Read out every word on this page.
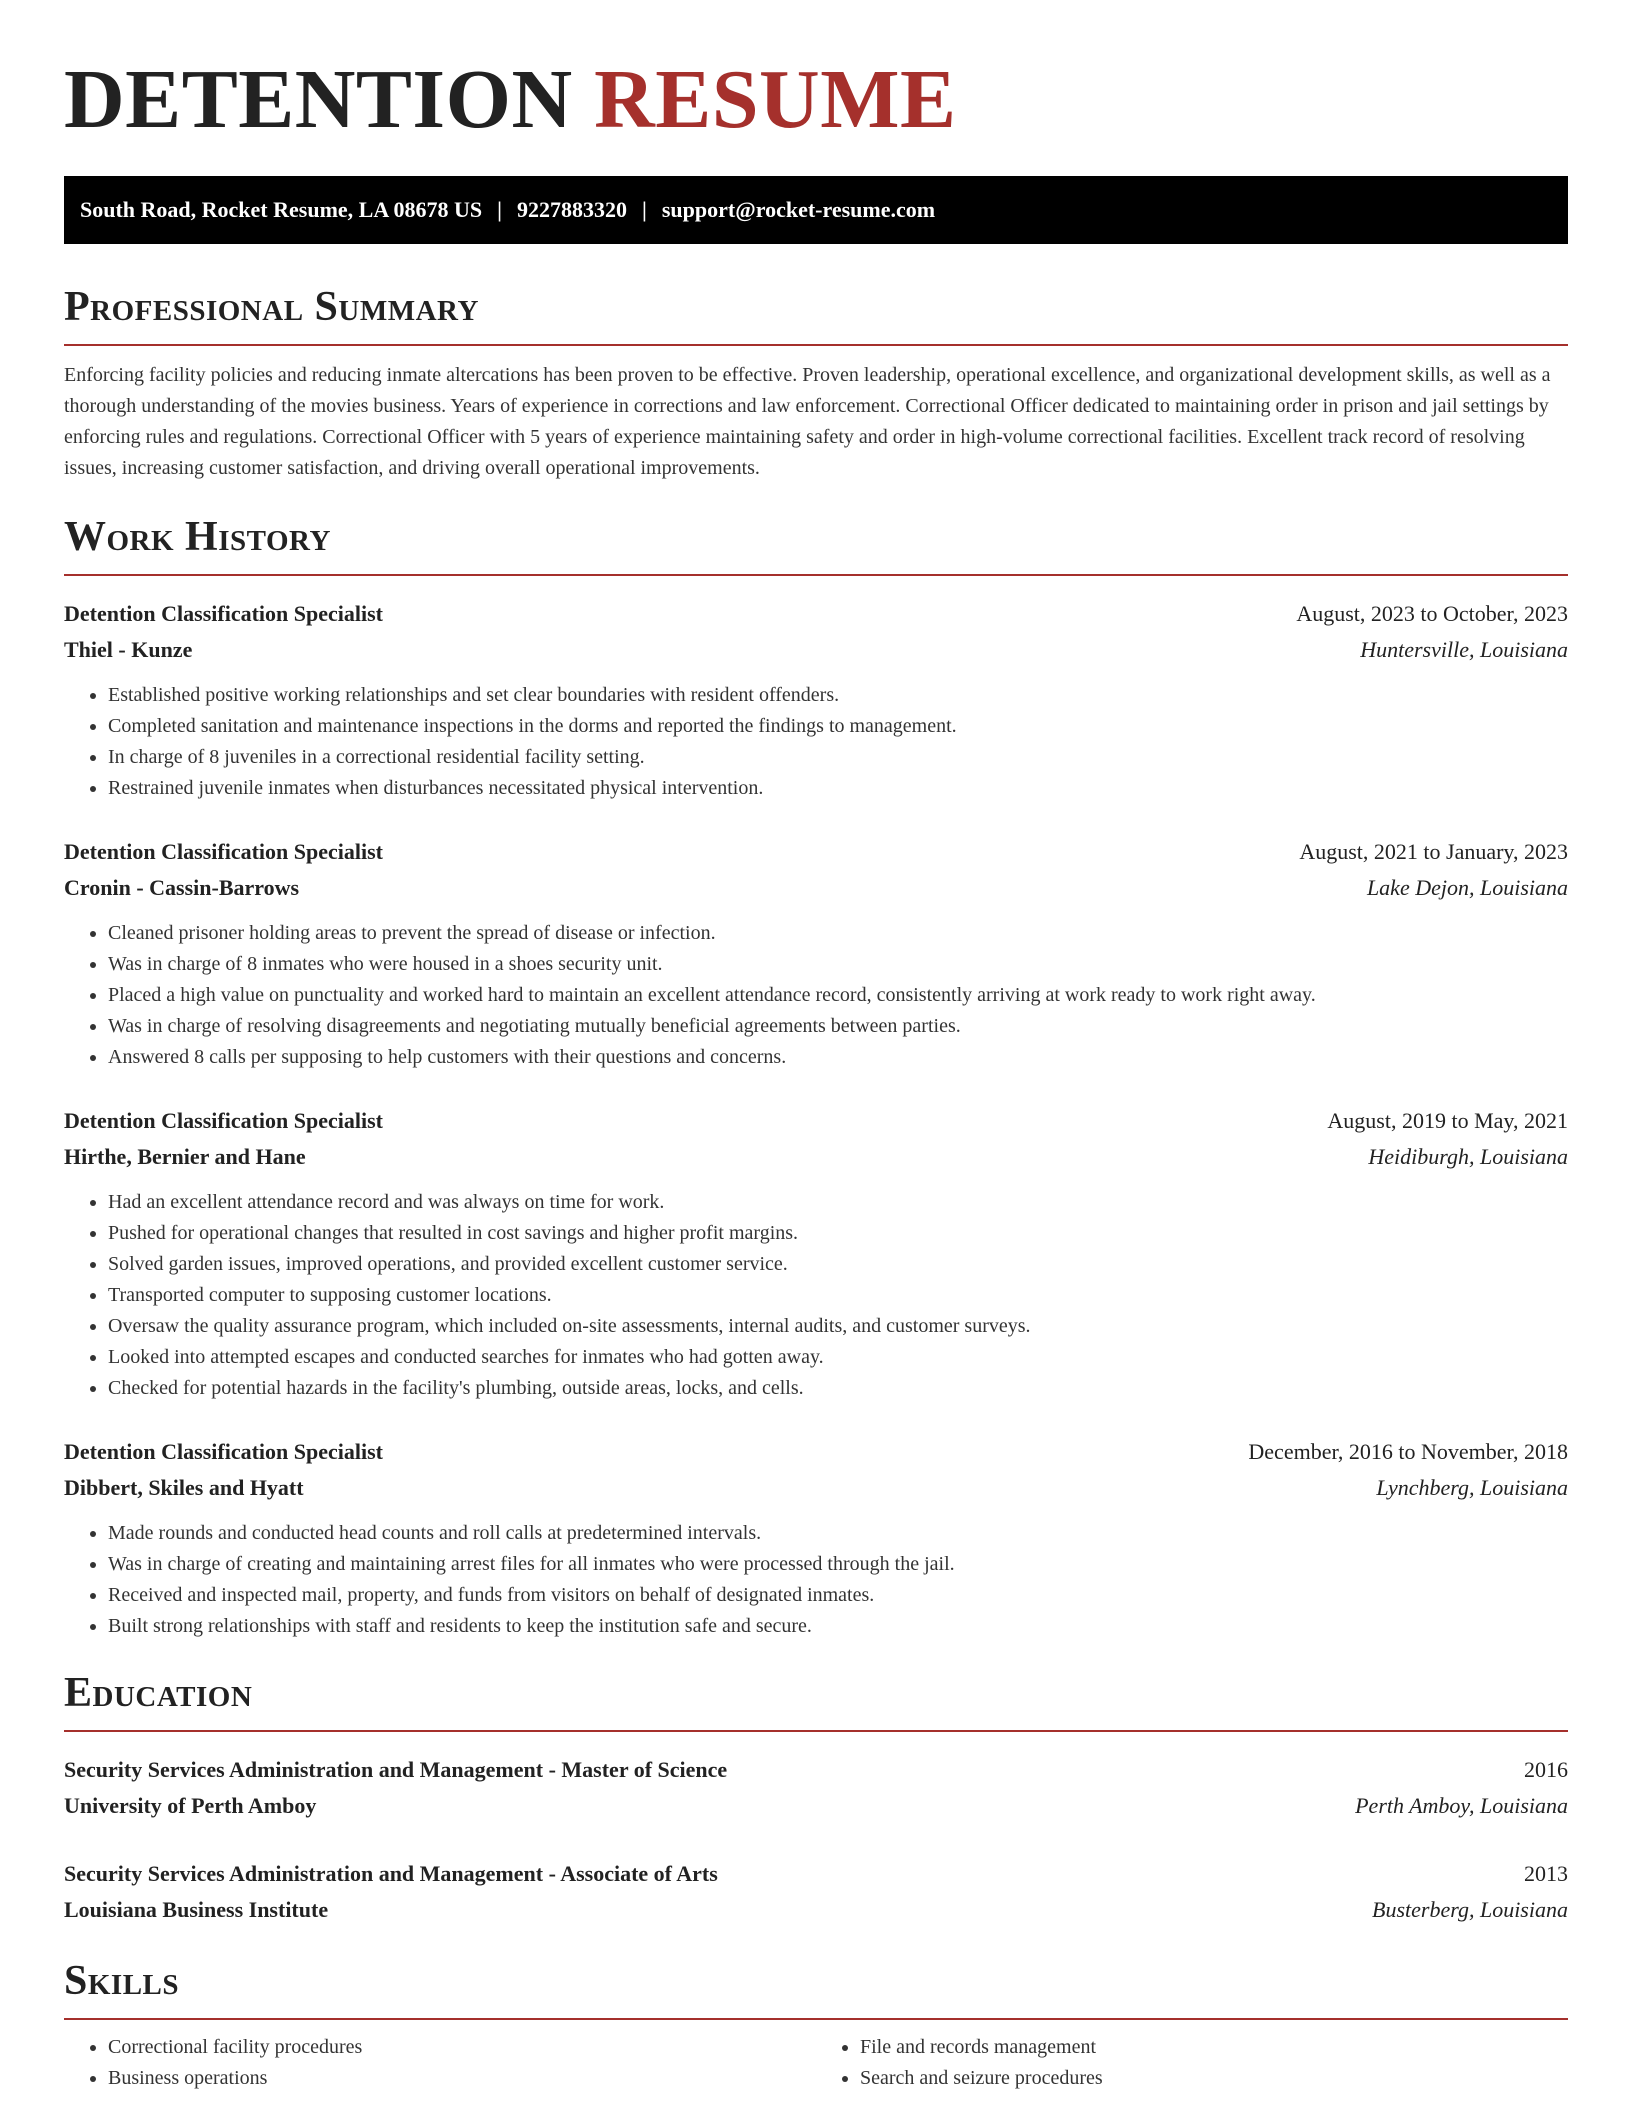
DETENTION RESUME
South Road, Rocket Resume, LA 08678 US | 9227883320 | support@rocket-resume.com
Professional Summary

Enforcing facility policies and reducing inmate altercations has been proven to be effective. Proven leadership, operational excellence, and organizational development skills, as well as a thorough understanding of the movies business. Years of experience in corrections and law enforcement. Correctional Officer dedicated to maintaining order in prison and jail settings by enforcing rules and regulations. Correctional Officer with 5 years of experience maintaining safety and order in high-volume correctional facilities. Excellent track record of resolving issues, increasing customer satisfaction, and driving overall operational improvements.

Work History
Detention Classification Specialist	August, 2023 to October, 2023
Thiel - Kunze	Huntersville, Louisiana
• Established positive working relationships and set clear boundaries with resident offenders.
• Completed sanitation and maintenance inspections in the dorms and reported the findings to management.
• In charge of 8 juveniles in a correctional residential facility setting.
• Restrained juvenile inmates when disturbances necessitated physical intervention.
Detention Classification Specialist	August, 2021 to January, 2023
Cronin - Cassin-Barrows	Lake Dejon, Louisiana
• Cleaned prisoner holding areas to prevent the spread of disease or infection.
• Was in charge of 8 inmates who were housed in a shoes security unit.
• Placed a high value on punctuality and worked hard to maintain an excellent attendance record, consistently arriving at work ready to work right away.
• Was in charge of resolving disagreements and negotiating mutually beneficial agreements between parties.
• Answered 8 calls per supposing to help customers with their questions and concerns.
Detention Classification Specialist	August, 2019 to May, 2021
Hirthe, Bernier and Hane	Heidiburgh, Louisiana
• Had an excellent attendance record and was always on time for work.
• Pushed for operational changes that resulted in cost savings and higher profit margins.
• Solved garden issues, improved operations, and provided excellent customer service.
• Transported computer to supposing customer locations.
• Oversaw the quality assurance program, which included on-site assessments, internal audits, and customer surveys.
• Looked into attempted escapes and conducted searches for inmates who had gotten away.
• Checked for potential hazards in the facility's plumbing, outside areas, locks, and cells.
Detention Classification Specialist	December, 2016 to November, 2018
Dibbert, Skiles and Hyatt	Lynchberg, Louisiana
• Made rounds and conducted head counts and roll calls at predetermined intervals.
• Was in charge of creating and maintaining arrest files for all inmates who were processed through the jail.
• Received and inspected mail, property, and funds from visitors on behalf of designated inmates.
• Built strong relationships with staff and residents to keep the institution safe and secure.
Education
Security Services Administration and Management - Master of Science	2016
University of Perth Amboy	Perth Amboy, Louisiana
Security Services Administration and Management - Associate of Arts	2013
Louisiana Business Institute	Busterberg, Louisiana
Skills
• Correctional facility procedures
• Business operations
• File and records management
• Search and seizure procedures
